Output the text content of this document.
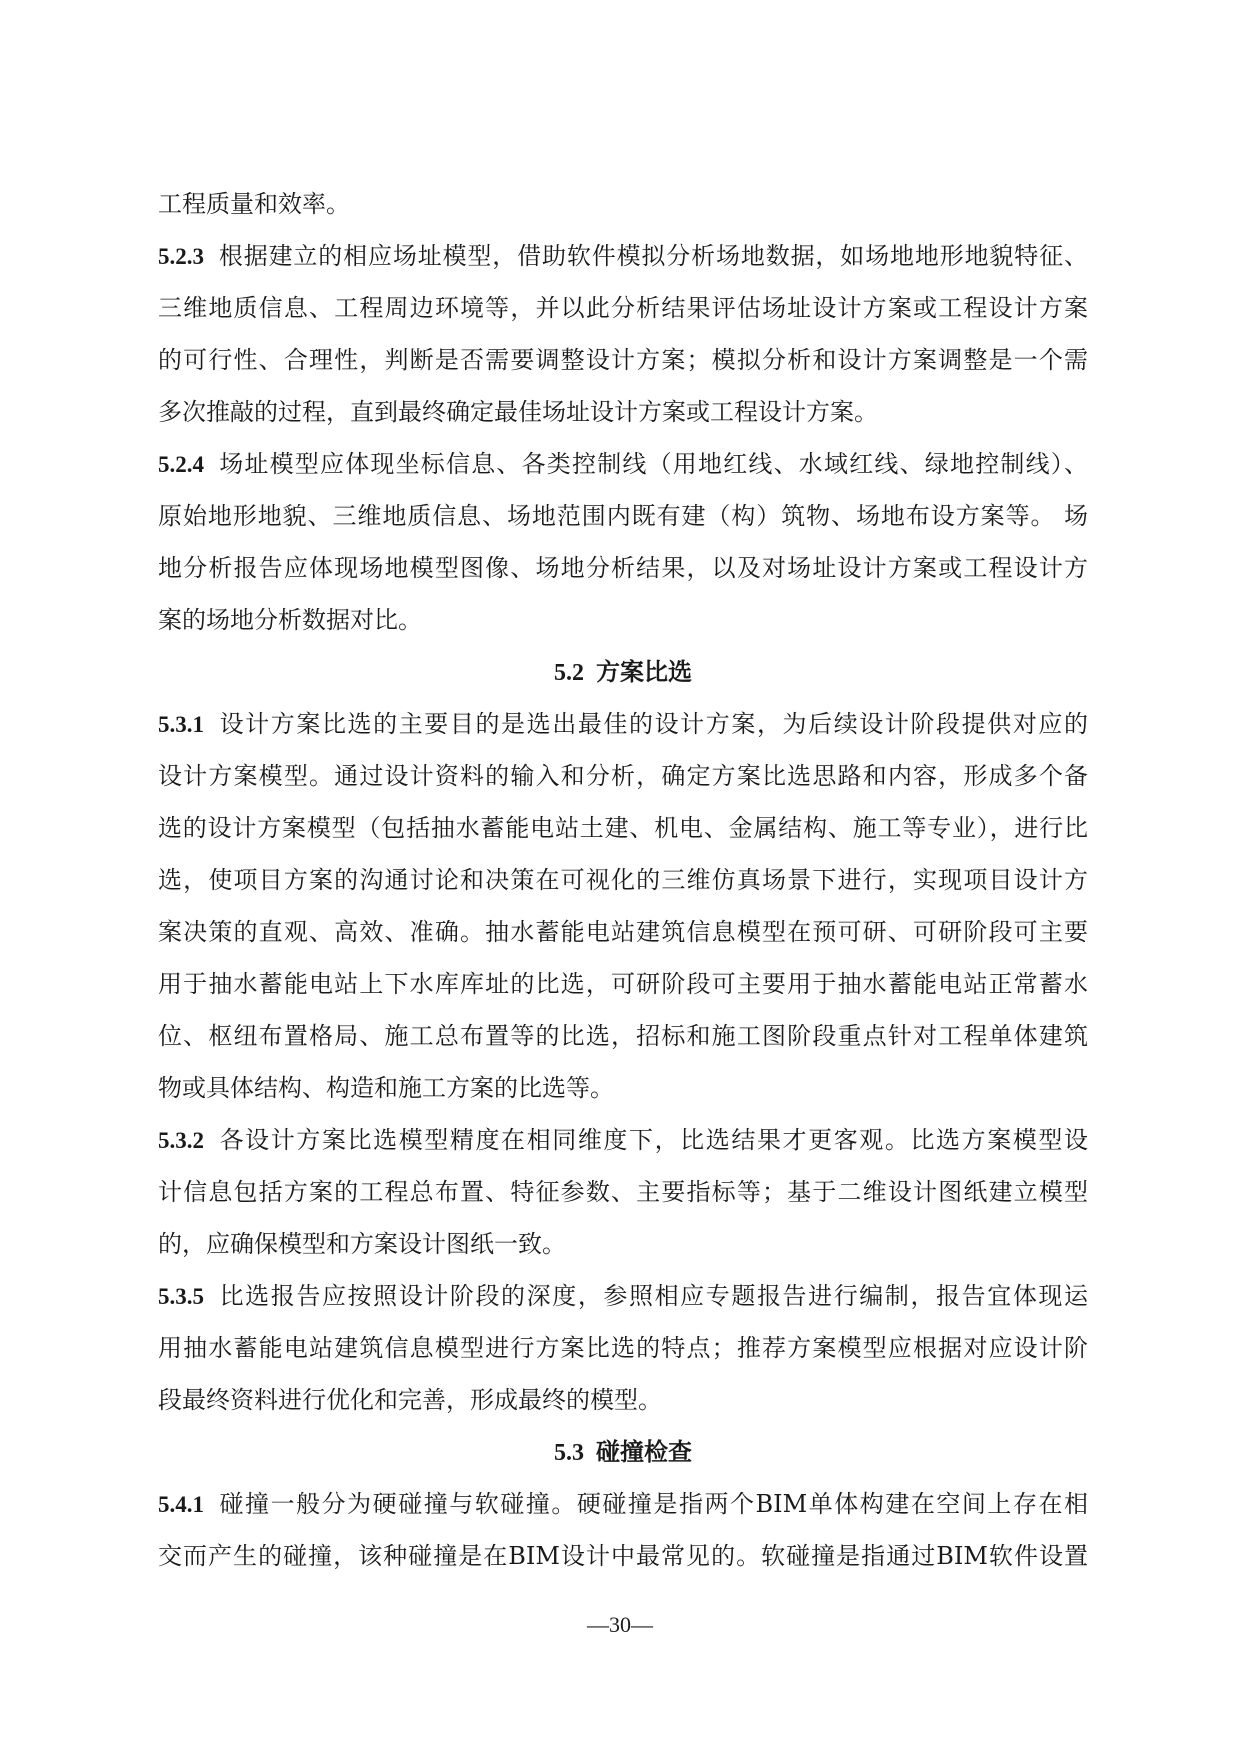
工程质量和效率。
5.2.3 根据建立的相应场址模型，借助软件模拟分析场地数据，如场地地形地貌特征、
三维地质信息、工程周边环境等，并以此分析结果评估场址设计方案或工程设计方案
的可行性、合理性，判断是否需要调整设计方案；模拟分析和设计方案调整是一个需
多次推敲的过程，直到最终确定最佳场址设计方案或工程设计方案。
5.2.4 场址模型应体现坐标信息、各类控制线（用地红线、水域红线、绿地控制线）、
原始地形地貌、三维地质信息、场地范围内既有建（构）筑物、场地布设方案等。 场
地分析报告应体现场地模型图像、场地分析结果，以及对场址设计方案或工程设计方
案的场地分析数据对比。
5.2 方案比选
5.3.1 设计方案比选的主要目的是选出最佳的设计方案，为后续设计阶段提供对应的
设计方案模型。通过设计资料的输入和分析，确定方案比选思路和内容，形成多个备
选的设计方案模型（包括抽水蓄能电站土建、机电、金属结构、施工等专业），进行比
选，使项目方案的沟通讨论和决策在可视化的三维仿真场景下进行，实现项目设计方
案决策的直观、高效、准确。抽水蓄能电站建筑信息模型在预可研、可研阶段可主要
用于抽水蓄能电站上下水库库址的比选，可研阶段可主要用于抽水蓄能电站正常蓄水
位、枢纽布置格局、施工总布置等的比选，招标和施工图阶段重点针对工程单体建筑
物或具体结构、构造和施工方案的比选等。
5.3.2 各设计方案比选模型精度在相同维度下，比选结果才更客观。比选方案模型设
计信息包括方案的工程总布置、特征参数、主要指标等；基于二维设计图纸建立模型
的，应确保模型和方案设计图纸一致。
5.3.5 比选报告应按照设计阶段的深度，参照相应专题报告进行编制，报告宜体现运
用抽水蓄能电站建筑信息模型进行方案比选的特点；推荐方案模型应根据对应设计阶
段最终资料进行优化和完善，形成最终的模型。
5.3 碰撞检查
5.4.1 碰撞一般分为硬碰撞与软碰撞。硬碰撞是指两个BIM单体构建在空间上存在相
交而产生的碰撞，该种碰撞是在BIM设计中最常见的。软碰撞是指通过BIM软件设置
—30—
